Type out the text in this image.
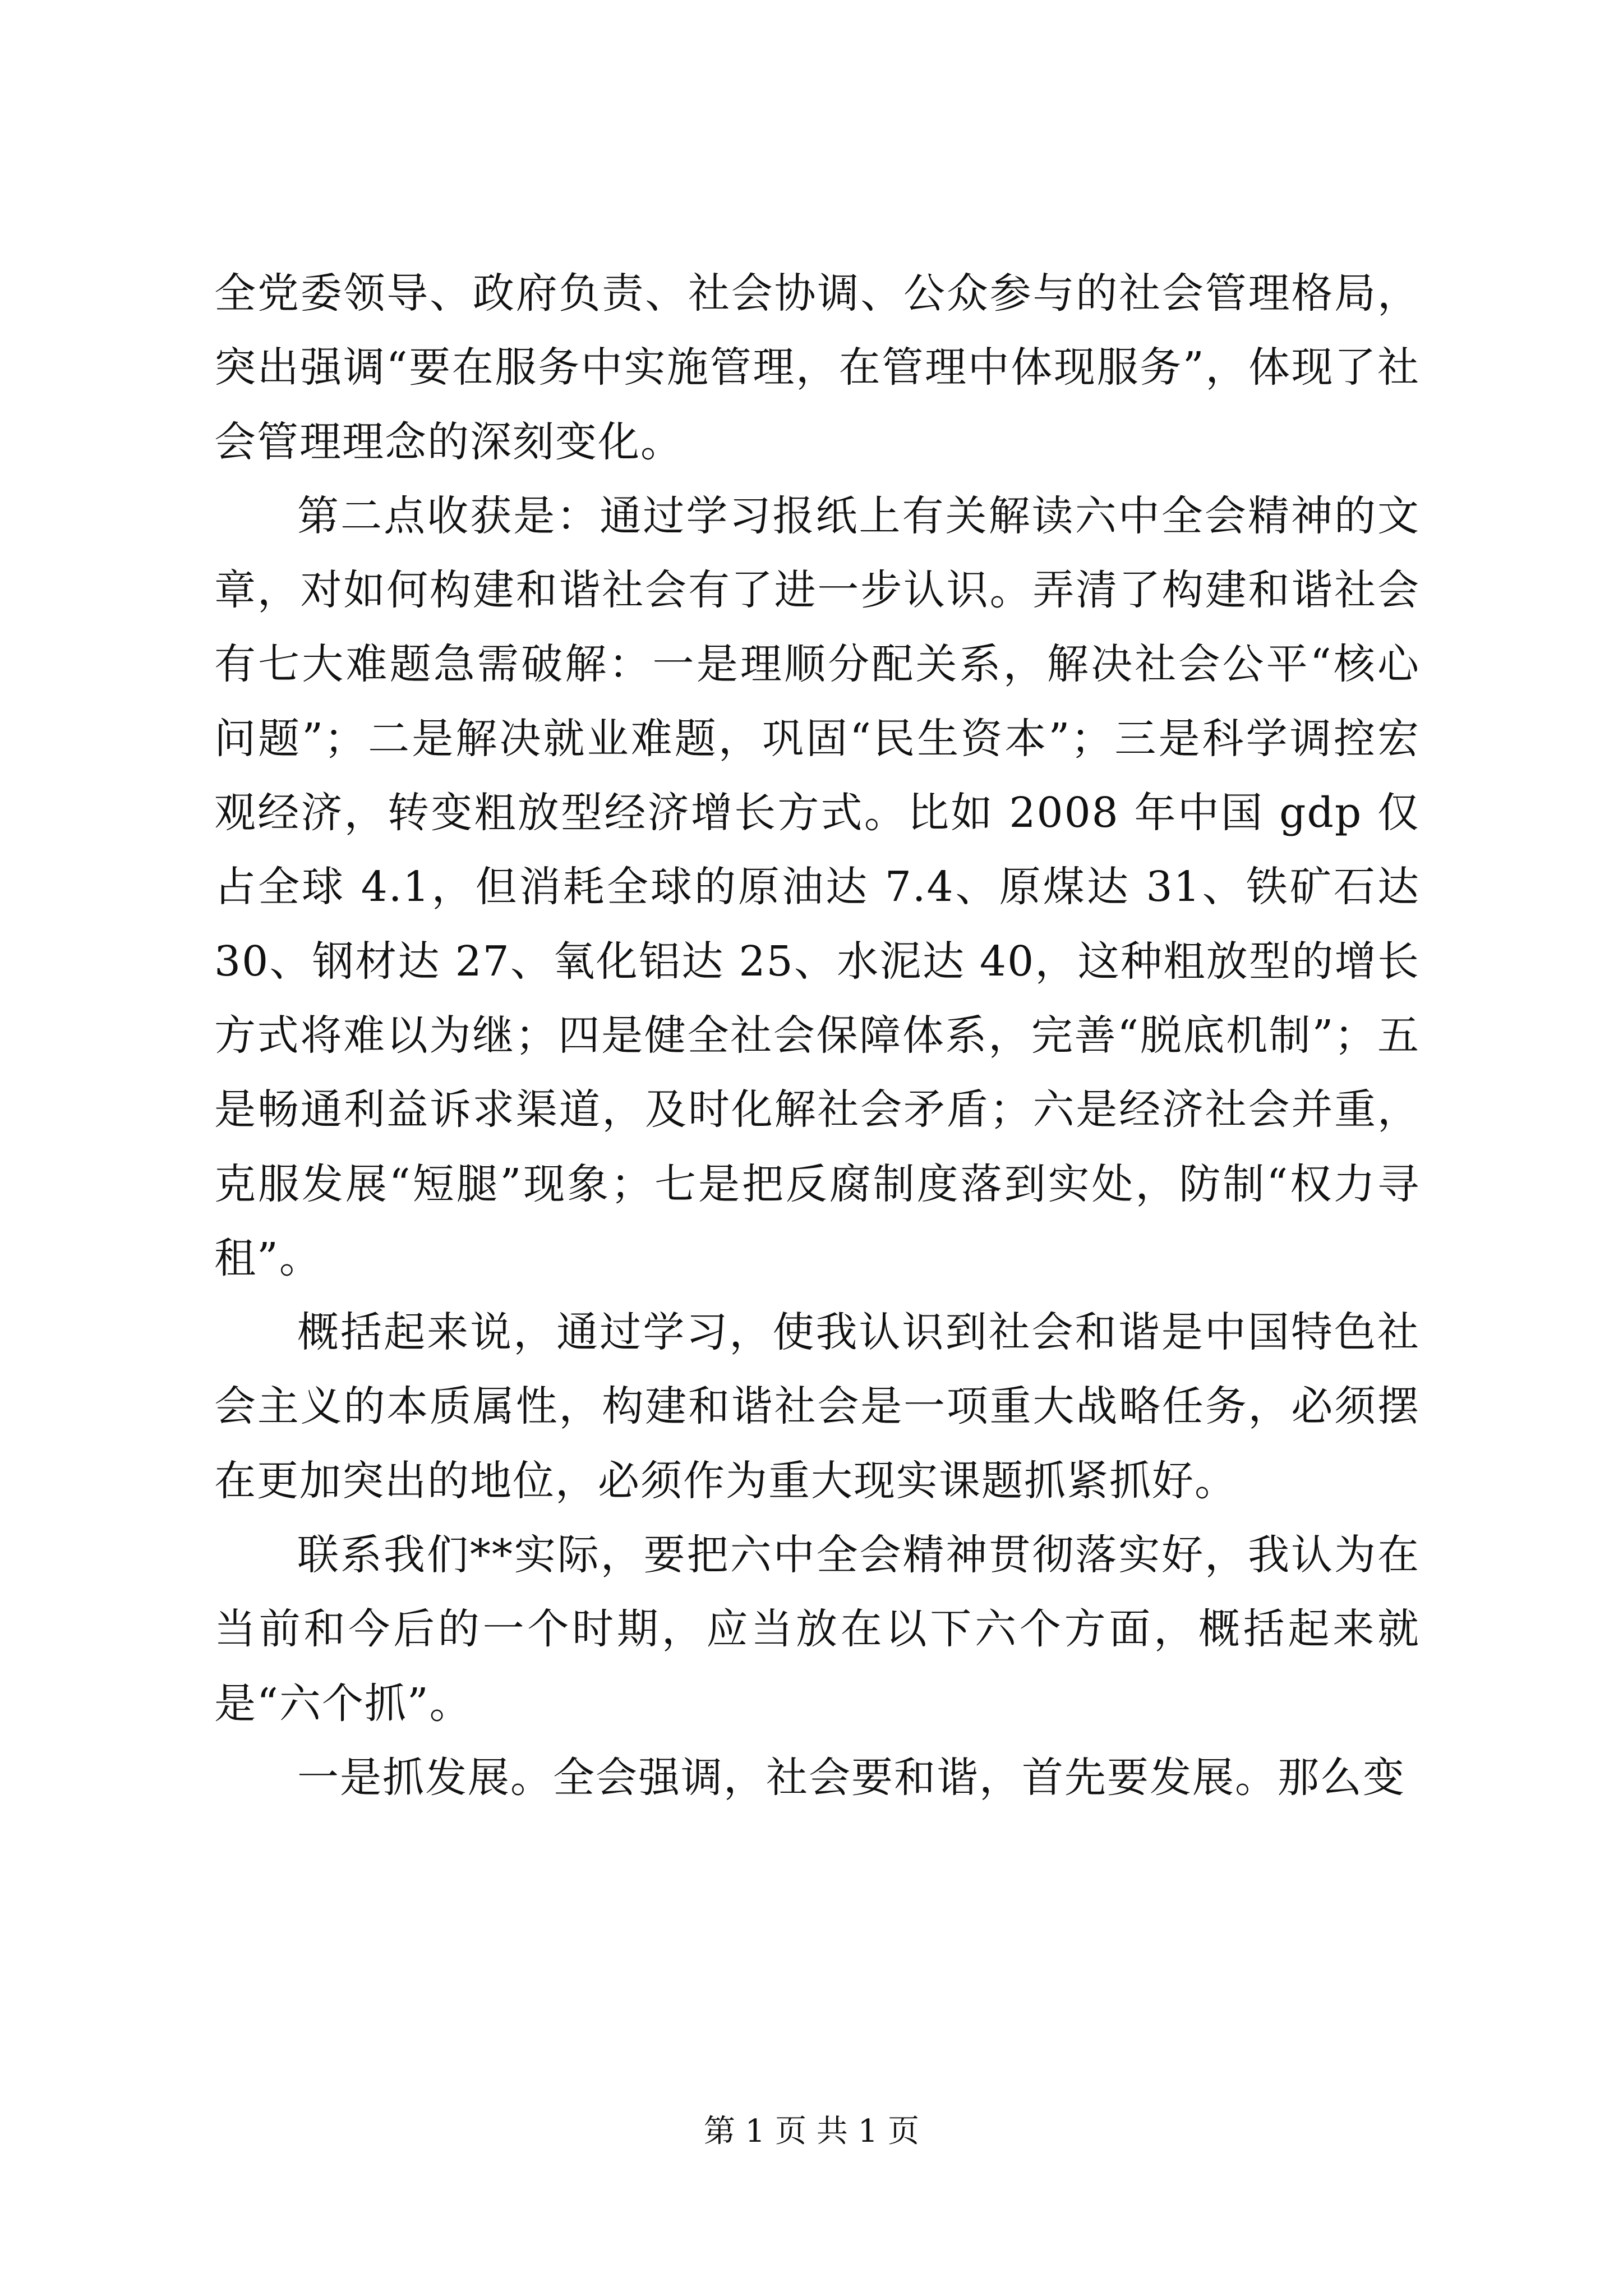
全党委领导、政府负责、社会协调、公众参与的社会管理格局，突出强调“要在服务中实施管理，在管理中体现服务”，体现了社会管理理念的深刻变化。

第二点收获是：通过学习报纸上有关解读六中全会精神的文章，对如何构建和谐社会有了进一步认识。弄清了构建和谐社会有七大难题急需破解：一是理顺分配关系，解决社会公平“核心问题”；二是解决就业难题，巩固“民生资本”；三是科学调控宏观经济，转变粗放型经济增长方式。比如 2008 年中国 gdp 仅占全球 4.1，但消耗全球的原油达 7.4、原煤达 31、铁矿石达 30、钢材达 27、氧化铝达 25、水泥达 40，这种粗放型的增长方式将难以为继；四是健全社会保障体系，完善“脱底机制”；五是畅通利益诉求渠道，及时化解社会矛盾；六是经济社会并重，克服发展“短腿”现象；七是把反腐制度落到实处，防制“权力寻租”。

概括起来说，通过学习，使我认识到社会和谐是中国特色社会主义的本质属性，构建和谐社会是一项重大战略任务，必须摆在更加突出的地位，必须作为重大现实课题抓紧抓好。

联系我们**实际，要把六中全会精神贯彻落实好，我认为在当前和今后的一个时期，应当放在以下六个方面，概括起来就是“六个抓”。

一是抓发展。全会强调，社会要和谐，首先要发展。那么变

第 1 页 共 1 页
